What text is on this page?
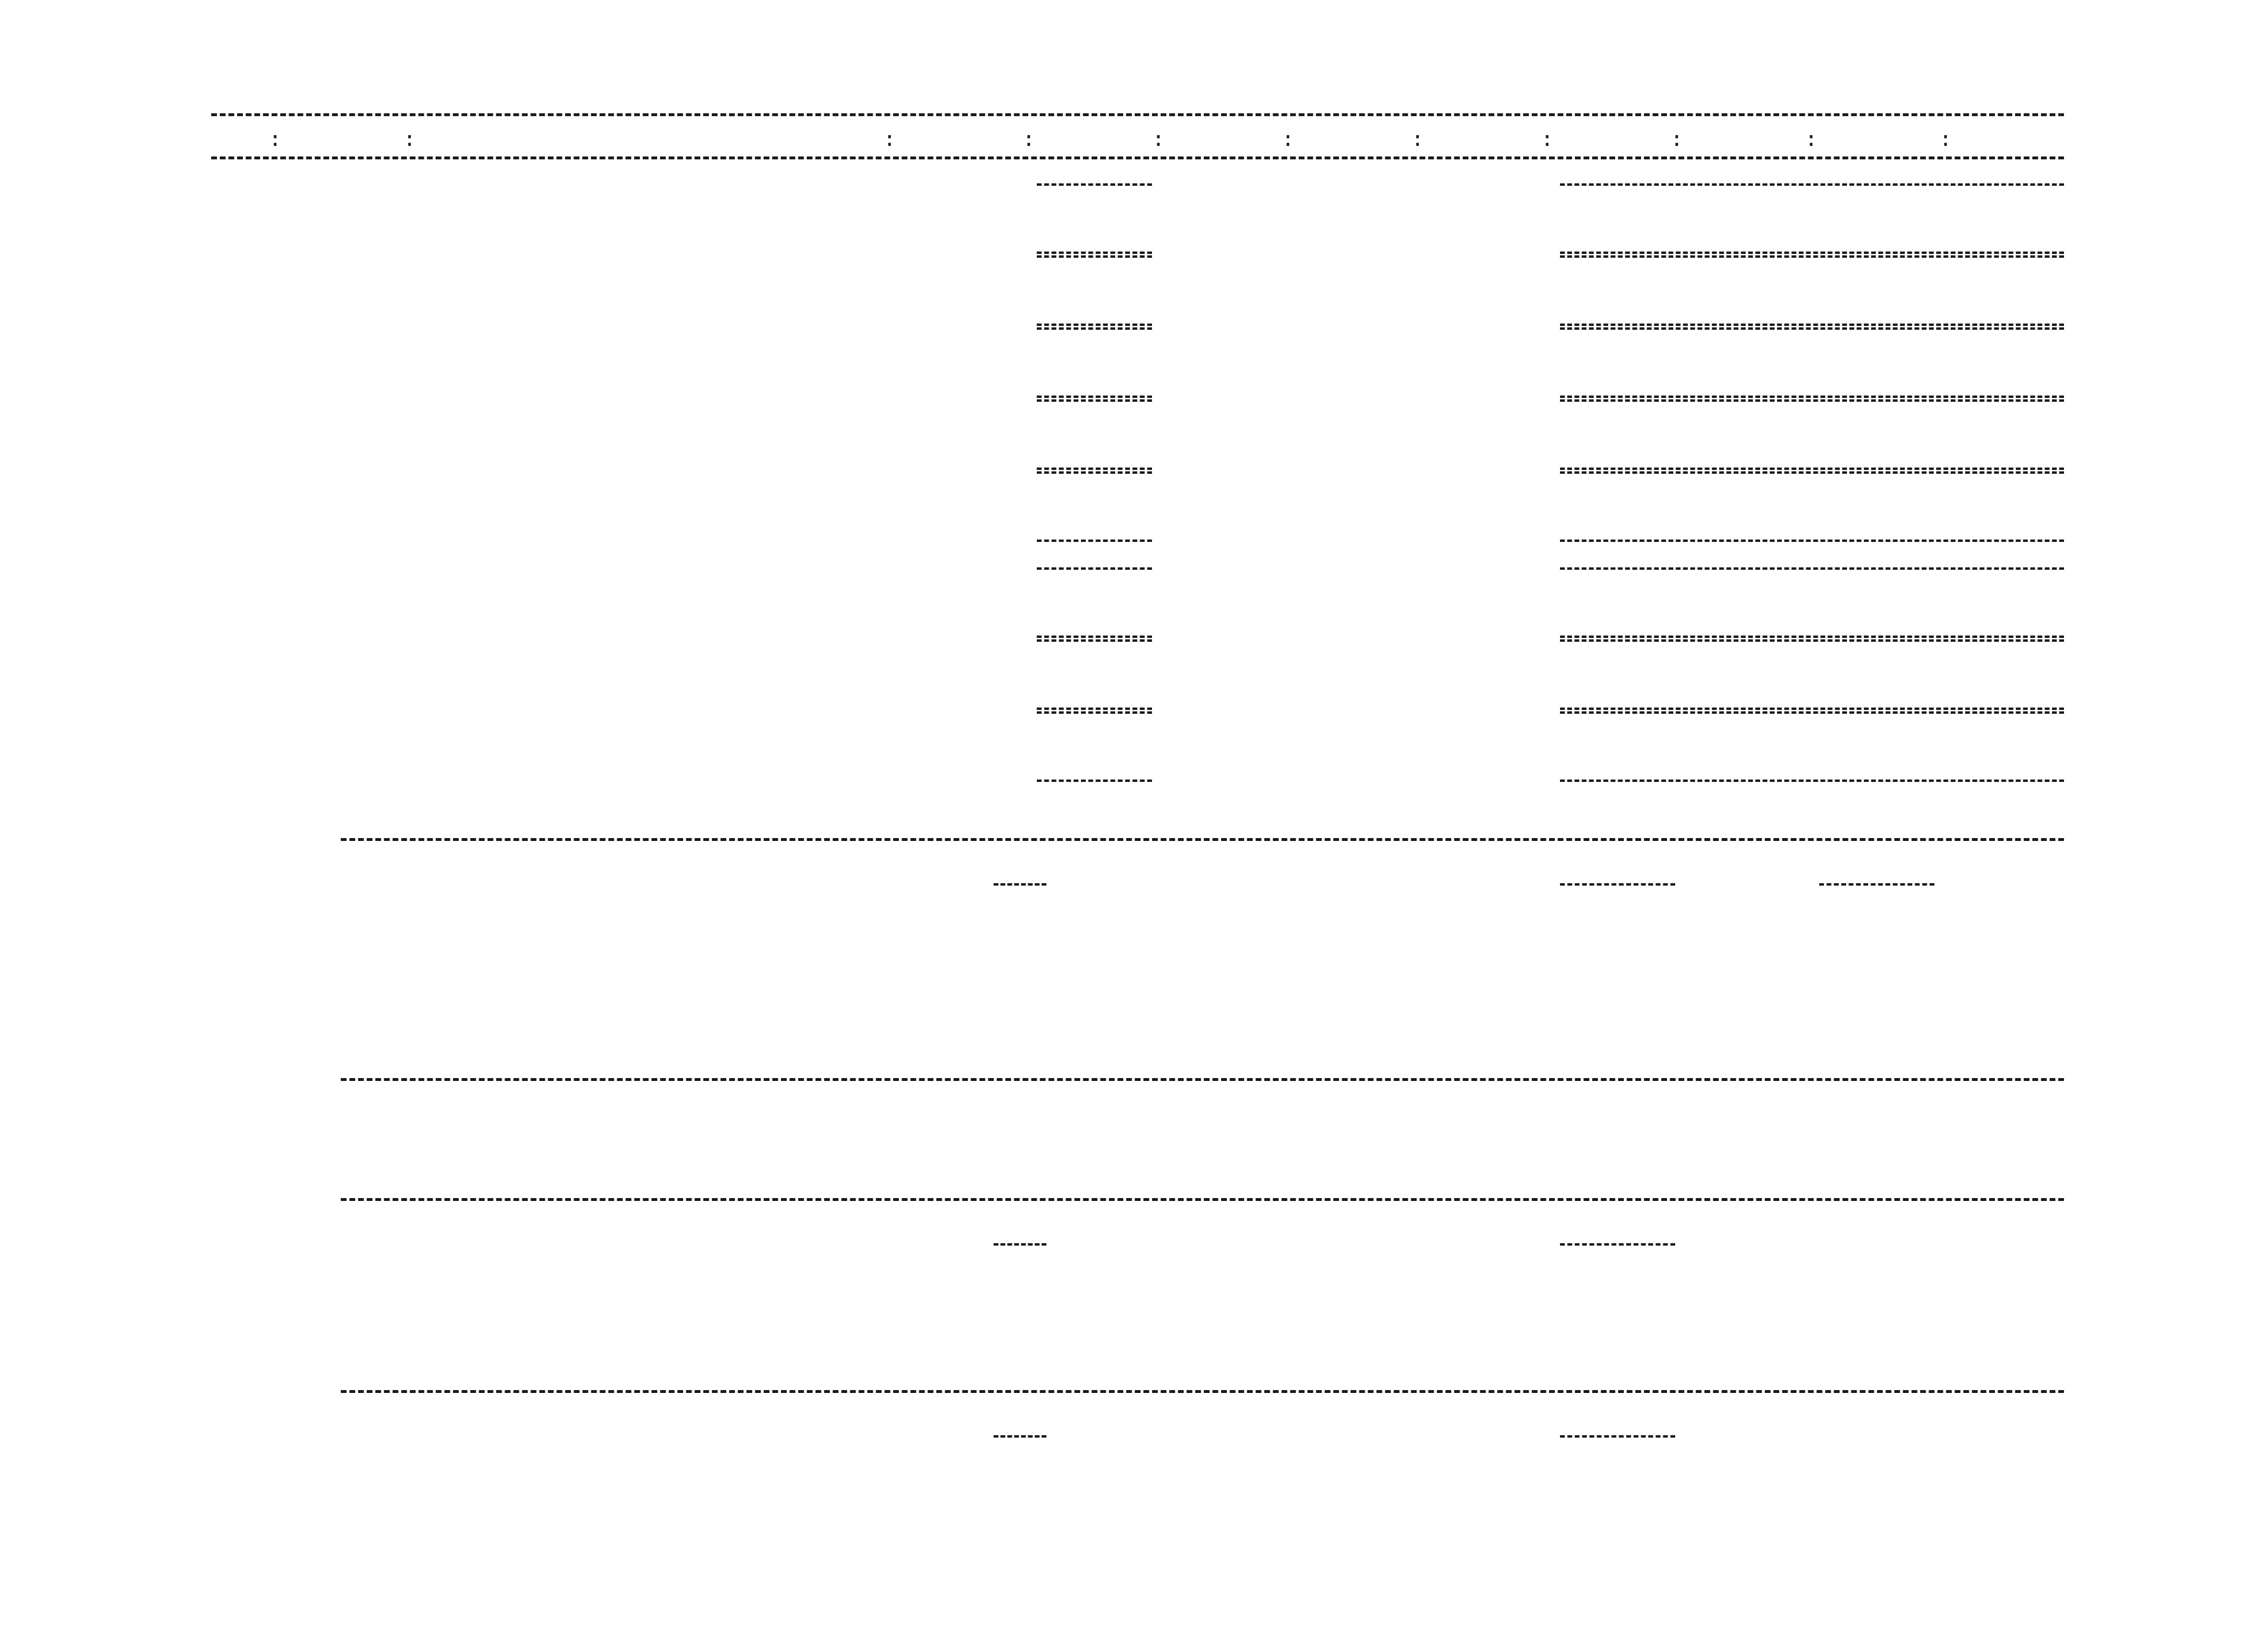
:	:	:	:	:	:	:	:	:	:	:
